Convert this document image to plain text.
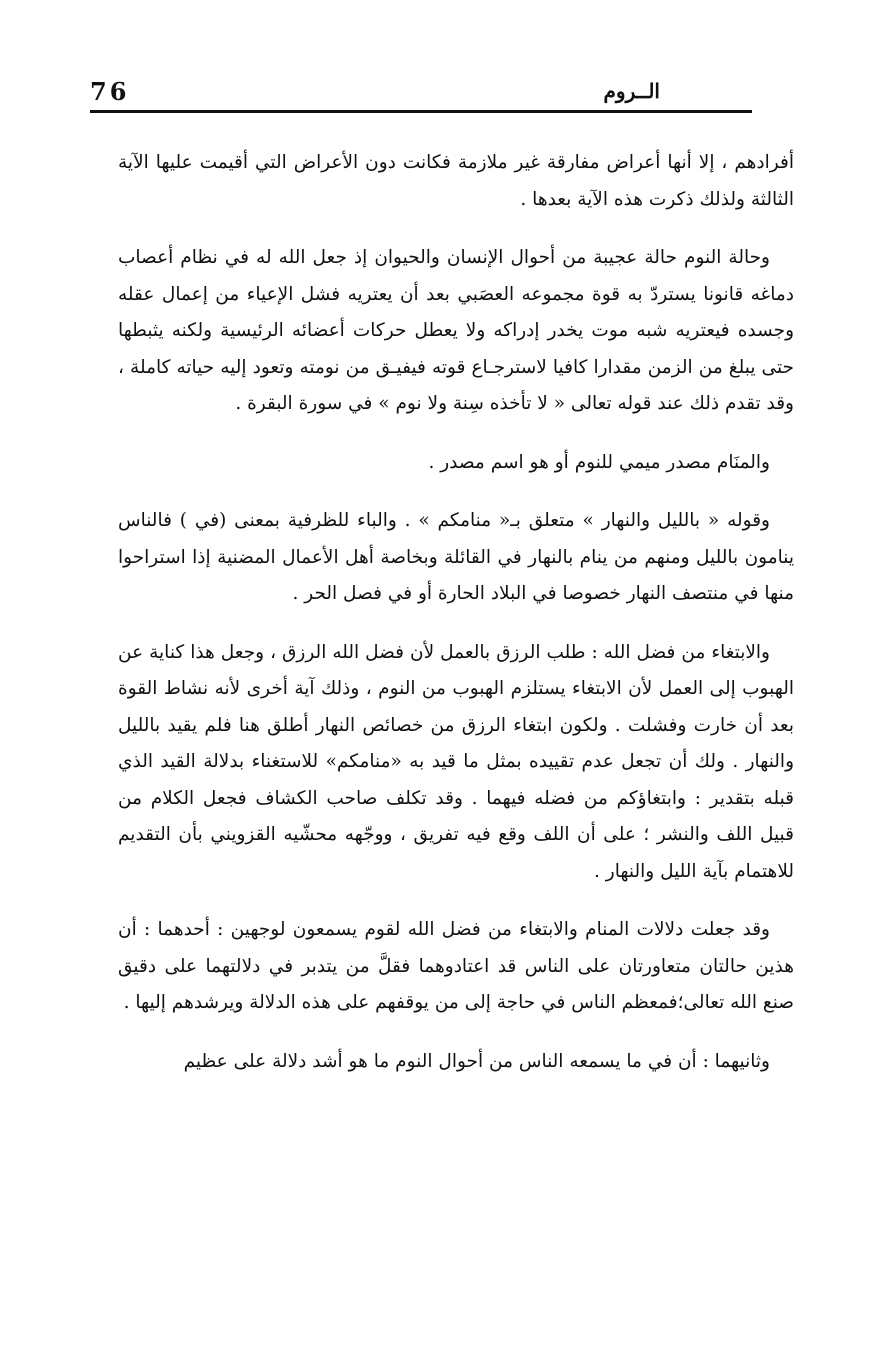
76	الــروم

أفرادهم ، إلا أنها أعراض مفارقة غير ملازمة فكانت دون الأعراض التي أقيمت عليها الآية الثالثة ولذلك ذكرت هذه الآية بعدها .

وحالة النوم حالة عجيبة من أحوال الإنسان والحيوان إذ جعل الله له في نظام أعصاب دماغه قانونا يستردّ به قوة مجموعه العصَبي بعد أن يعتريه فشل الإعياء من إعمال عقله وجسده فيعتريه شبه موت يخدر إدراكه ولا يعطل حركات أعضائه الرئيسية ولكنه يثبطها حتى يبلغ من الزمن مقدارا كافيا لاسترجـاع قوته فيفيـق من نومته وتعود إليه حياته كاملة ، وقد تقدم ذلك عند قوله تعالى « لا تأخذه سِنة ولا نوم » في سورة البقرة .

والمنَام مصدر ميمي للنوم أو هو اسم مصدر .

وقوله « بالليل والنهار » متعلق بـ« منامكم » . والباء للظرفية بمعنى (في ) فالناس ينامون بالليل ومنهم من ينام بالنهار في القائلة وبخاصة أهل الأعمال المضنية إذا استراحوا منها في منتصف النهار خصوصا في البلاد الحارة أو في فصل الحر .

والابتغاء من فضل الله : طلب الرزق بالعمل لأن فضل الله الرزق ، وجعل هذا كناية عن الهبوب إلى العمل لأن الابتغاء يستلزم الهبوب من النوم ، وذلك آية أخرى لأنه نشاط القوة بعد أن خارت وفشلت . ولكون ابتغاء الرزق من خصائص النهار أطلق هنا فلم يقيد بالليل والنهار . ولك أن تجعل عدم تقييده بمثل ما قيد به «منامكم» للاستغناء بدلالة القيد الذي قبله بتقدير : وابتغاؤكم من فضله فيهما . وقد تكلف صاحب الكشاف فجعل الكلام من قبيل اللف والنشر ؛ على أن اللف وقع فيه تفريق ، ووجّهه محشّيه القزويني بأن التقديم للاهتمام بآية الليل والنهار .

وقد جعلت دلالات المنام والابتغاء من فضل الله لقوم يسمعون لوجهين : أحدهما : أن هذين حالتان متعاورتان على الناس قد اعتادوهما فقلَّ من يتدبر في دلالتهما على دقيق صنع الله تعالى؛فمعظم الناس في حاجة إلى من يوقفهم على هذه الدلالة ويرشدهم إليها .

وثانيهما : أن في ما يسمعه الناس من أحوال النوم ما هو أشد دلالة على عظيم
